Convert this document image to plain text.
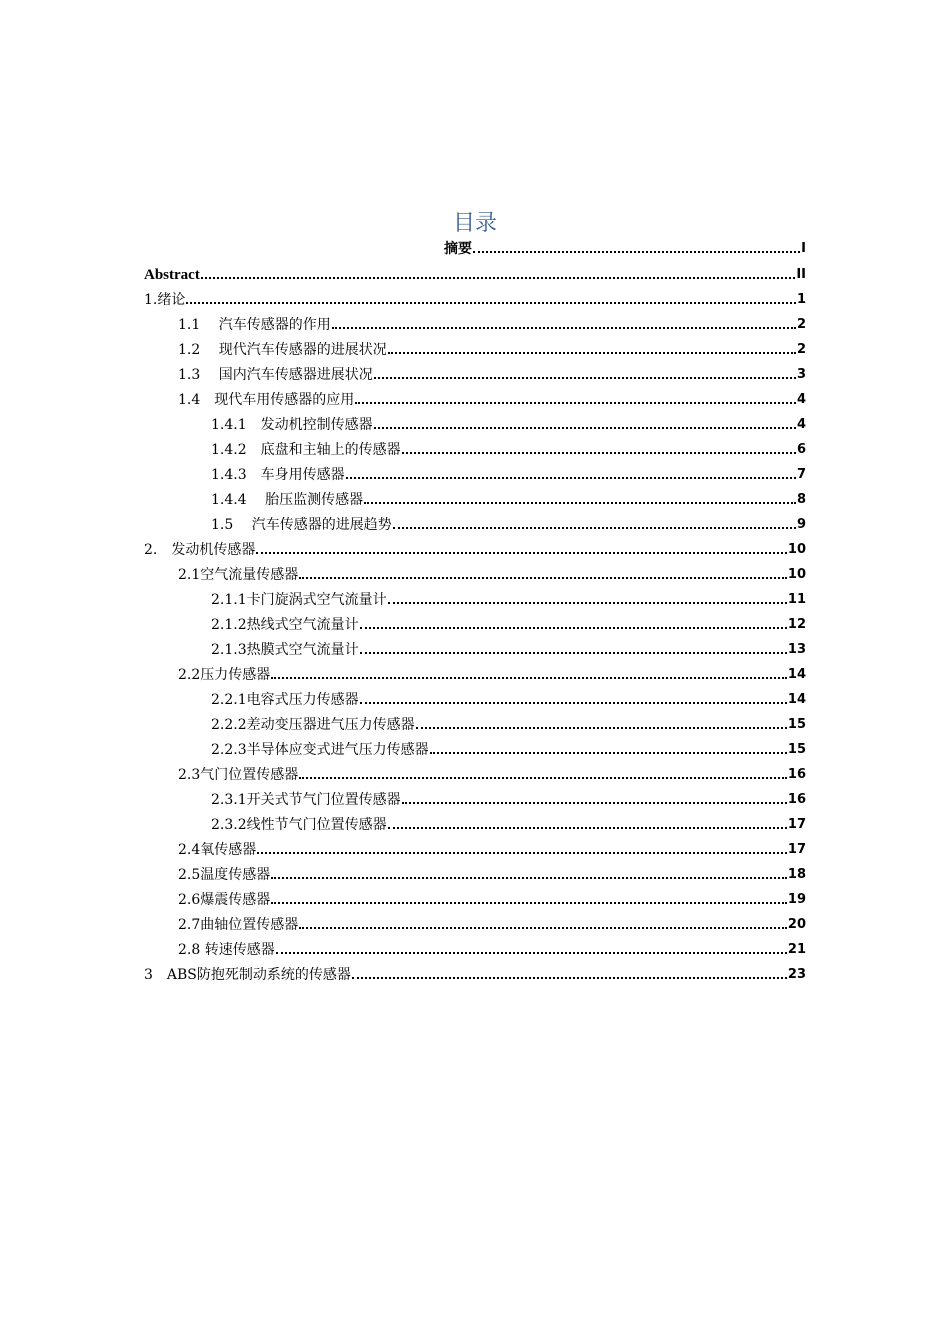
目录
摘要	I
Abstract	II
1.绪论	1
1.1　 汽车传感器的作用	2
1.2　 现代汽车传感器的进展状况	2
1.3　 国内汽车传感器进展状况	3
1.4　现代车用传感器的应用	4
1.4.1　发动机控制传感器	4
1.4.2　底盘和主轴上的传感器	6
1.4.3　车身用传感器	7
1.4.4　 胎压监测传感器	8
1.5　 汽车传感器的进展趋势	9
2.　发动机传感器	10
2.1空气流量传感器	10
2.1.1卡门旋涡式空气流量计	11
2.1.2热线式空气流量计	12
2.1.3热膜式空气流量计	13
2.2压力传感器	14
2.2.1电容式压力传感器	14
2.2.2差动变压器进气压力传感器	15
2.2.3半导体应变式进气压力传感器	15
2.3气门位置传感器	16
2.3.1开关式节气门位置传感器	16
2.3.2线性节气门位置传感器	17
2.4氧传感器	17
2.5温度传感器	18
2.6爆震传感器	19
2.7曲轴位置传感器	20
2.8 转速传感器	21
3　ABS防抱死制动系统的传感器	23
